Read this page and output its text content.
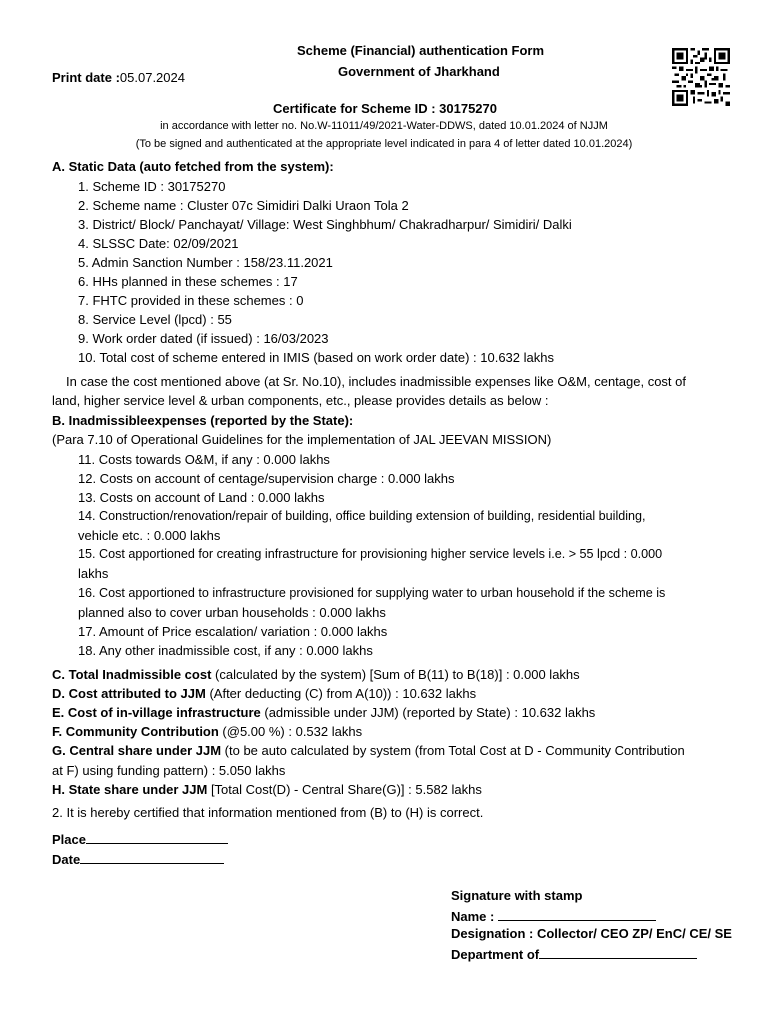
Scheme (Financial) authentication Form
Government of Jharkhand
Print date :05.07.2024
Certificate for Scheme ID : 30175270
in accordance with letter no. No.W-11011/49/2021-Water-DDWS, dated 10.01.2024 of NJJM
(To be signed and authenticated at the appropriate level indicated in para 4 of letter dated 10.01.2024)
A. Static Data (auto fetched from the system):
1. Scheme ID : 30175270
2. Scheme name : Cluster 07c Simidiri Dalki Uraon Tola 2
3. District/ Block/ Panchayat/ Village: West Singhbhum/ Chakradharpur/ Simidiri/ Dalki
4. SLSSC Date: 02/09/2021
5. Admin Sanction Number : 158/23.11.2021
6. HHs planned in these schemes : 17
7. FHTC provided in these schemes : 0
8. Service Level (lpcd) : 55
9. Work order dated (if issued) : 16/03/2023
10. Total cost of scheme entered in IMIS (based on work order date) : 10.632 lakhs
In case the cost mentioned above (at Sr. No.10), includes inadmissible expenses like O&M, centage, cost of
land, higher service level & urban components, etc., please provides details as below :
B. Inadmissibleexpenses (reported by the State):
(Para 7.10 of Operational Guidelines for the implementation of JAL JEEVAN MISSION)
11. Costs towards O&M, if any : 0.000 lakhs
12. Costs on account of centage/supervision charge : 0.000 lakhs
13. Costs on account of Land : 0.000 lakhs
14. Construction/renovation/repair of building, office building extension of building, residential building,
vehicle etc. : 0.000 lakhs
15. Cost apportioned for creating infrastructure for provisioning higher service levels i.e. > 55 lpcd : 0.000
lakhs
16. Cost apportioned to infrastructure provisioned for supplying water to urban household if the scheme is
planned also to cover urban households : 0.000 lakhs
17. Amount of Price escalation/ variation : 0.000 lakhs
18. Any other inadmissible cost, if any : 0.000 lakhs
C. Total Inadmissible cost (calculated by the system) [Sum of B(11) to B(18)] : 0.000 lakhs
D. Cost attributed to JJM (After deducting (C) from A(10)) : 10.632 lakhs
E. Cost of in-village infrastructure (admissible under JJM) (reported by State) : 10.632 lakhs
F. Community Contribution (@5.00 %) : 0.532 lakhs
G. Central share under JJM (to be auto calculated by system (from Total Cost at D - Community Contribution
at F) using funding pattern) : 5.050 lakhs
H. State share under JJM [Total Cost(D) - Central Share(G)] : 5.582 lakhs
2. It is hereby certified that information mentioned from (B) to (H) is correct.
Place
Date
Signature with stamp
Name :
Designation : Collector/ CEO ZP/ EnC/ CE/ SE
Department of
